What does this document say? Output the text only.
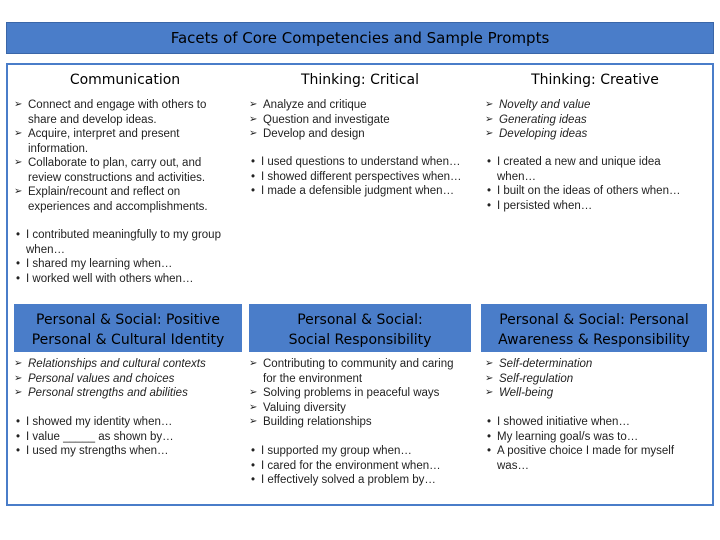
Facets of Core Competencies and Sample Prompts
Communication	Thinking: Critical	Thinking: Creative
➢ Connect and engage with others to share and develop ideas.
➢ Acquire, interpret and present information.
➢ Collaborate to plan, carry out, and review constructions and activities.
➢ Explain/recount and reflect on experiences and accomplishments.
• I contributed meaningfully to my group when…
• I shared my learning when…
• I worked well with others when…
➢ Analyze and critique
➢ Question and investigate
➢ Develop and design
• I used questions to understand when…
• I showed different perspectives when…
• I made a defensible judgment when…
➢ Novelty and value
➢ Generating ideas
➢ Developing ideas
• I created a new and unique idea when…
• I built on the ideas of others when…
• I persisted when…
Personal & Social: Positive
Personal & Cultural Identity
Personal & Social:
Social Responsibility
Personal & Social: Personal
Awareness & Responsibility
➢ Relationships and cultural contexts
➢ Personal values and choices
➢ Personal strengths and abilities
• I showed my identity when…
• I value _____ as shown by…
• I used my strengths when…
➢ Contributing to community and caring for the environment
➢ Solving problems in peaceful ways
➢ Valuing diversity
➢ Building relationships
• I supported my group when…
• I cared for the environment when…
• I effectively solved a problem by…
➢ Self-determination
➢ Self-regulation
➢ Well-being
• I showed initiative when…
• My learning goal/s was to…
• A positive choice I made for myself was…
